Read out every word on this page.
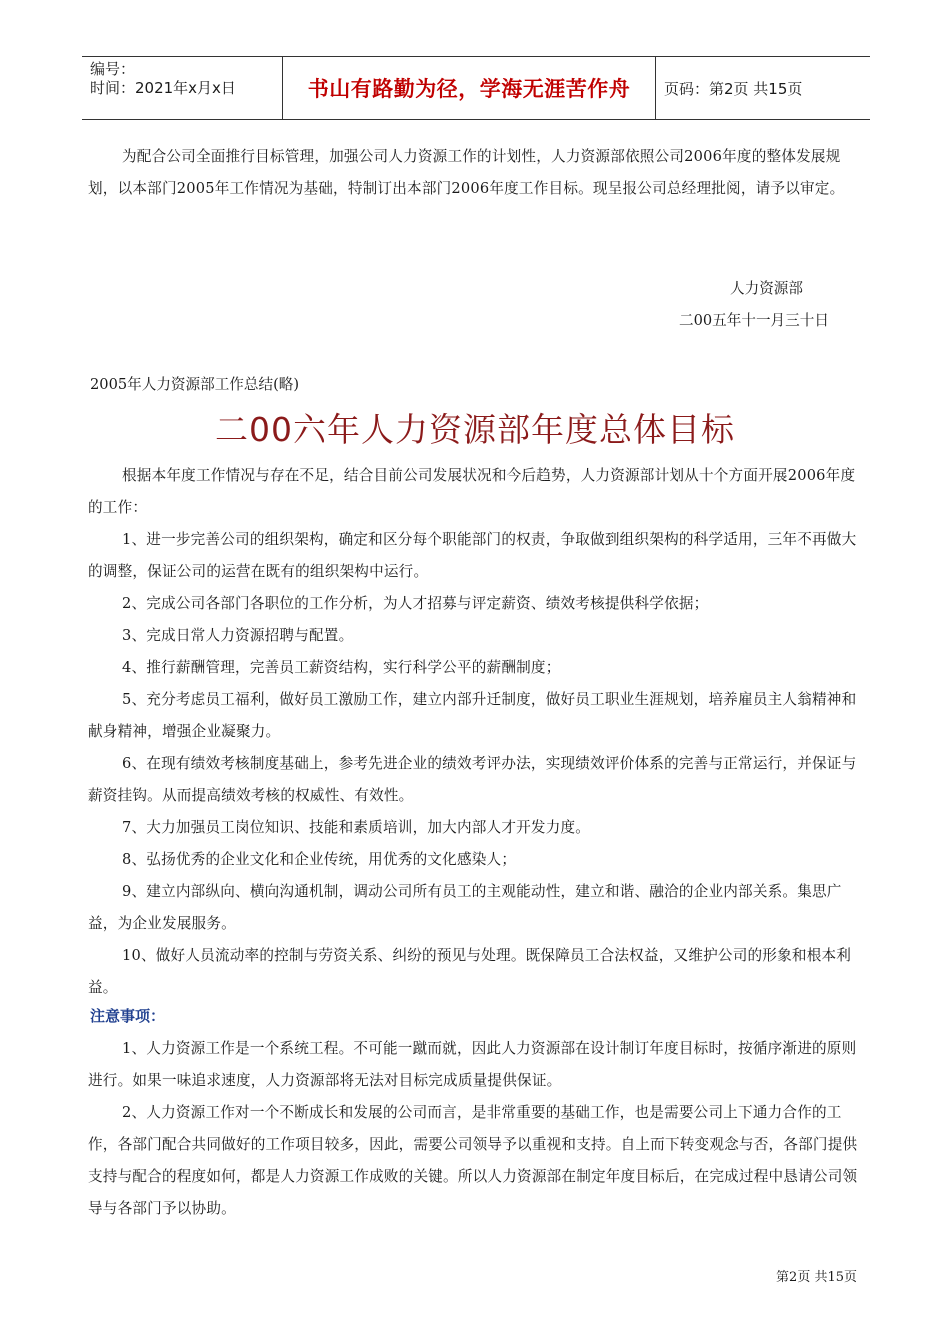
编号：
时间：2021年x月x日	书山有路勤为径，学海无涯苦作舟	页码：第2页 共15页
为配合公司全面推行目标管理，加强公司人力资源工作的计划性，人力资源部依照公司2006年度的整体发展规划，以本部门2005年工作情况为基础，特制订出本部门2006年度工作目标。现呈报公司总经理批阅，请予以审定。
人力资源部
二00五年十一月三十日
2005年人力资源部工作总结(略)
二00六年人力资源部年度总体目标
根据本年度工作情况与存在不足，结合目前公司发展状况和今后趋势，人力资源部计划从十个方面开展2006年度的工作：
1、进一步完善公司的组织架构，确定和区分每个职能部门的权责，争取做到组织架构的科学适用，三年不再做大的调整，保证公司的运营在既有的组织架构中运行。
2、完成公司各部门各职位的工作分析，为人才招募与评定薪资、绩效考核提供科学依据；
3、完成日常人力资源招聘与配置。
4、推行薪酬管理，完善员工薪资结构，实行科学公平的薪酬制度；
5、充分考虑员工福利，做好员工激励工作，建立内部升迁制度，做好员工职业生涯规划，培养雇员主人翁精神和献身精神，增强企业凝聚力。
6、在现有绩效考核制度基础上，参考先进企业的绩效考评办法，实现绩效评价体系的完善与正常运行，并保证与薪资挂钩。从而提高绩效考核的权威性、有效性。
7、大力加强员工岗位知识、技能和素质培训，加大内部人才开发力度。
8、弘扬优秀的企业文化和企业传统，用优秀的文化感染人；
9、建立内部纵向、横向沟通机制，调动公司所有员工的主观能动性，建立和谐、融洽的企业内部关系。集思广益，为企业发展服务。
10、做好人员流动率的控制与劳资关系、纠纷的预见与处理。既保障员工合法权益，又维护公司的形象和根本利益。
注意事项：
1、人力资源工作是一个系统工程。不可能一蹴而就，因此人力资源部在设计制订年度目标时，按循序渐进的原则进行。如果一味追求速度，人力资源部将无法对目标完成质量提供保证。
2、人力资源工作对一个不断成长和发展的公司而言，是非常重要的基础工作，也是需要公司上下通力合作的工作，各部门配合共同做好的工作项目较多，因此，需要公司领导予以重视和支持。自上而下转变观念与否，各部门提供支持与配合的程度如何，都是人力资源工作成败的关键。所以人力资源部在制定年度目标后，在完成过程中恳请公司领导与各部门予以协助。
第2页 共15页
